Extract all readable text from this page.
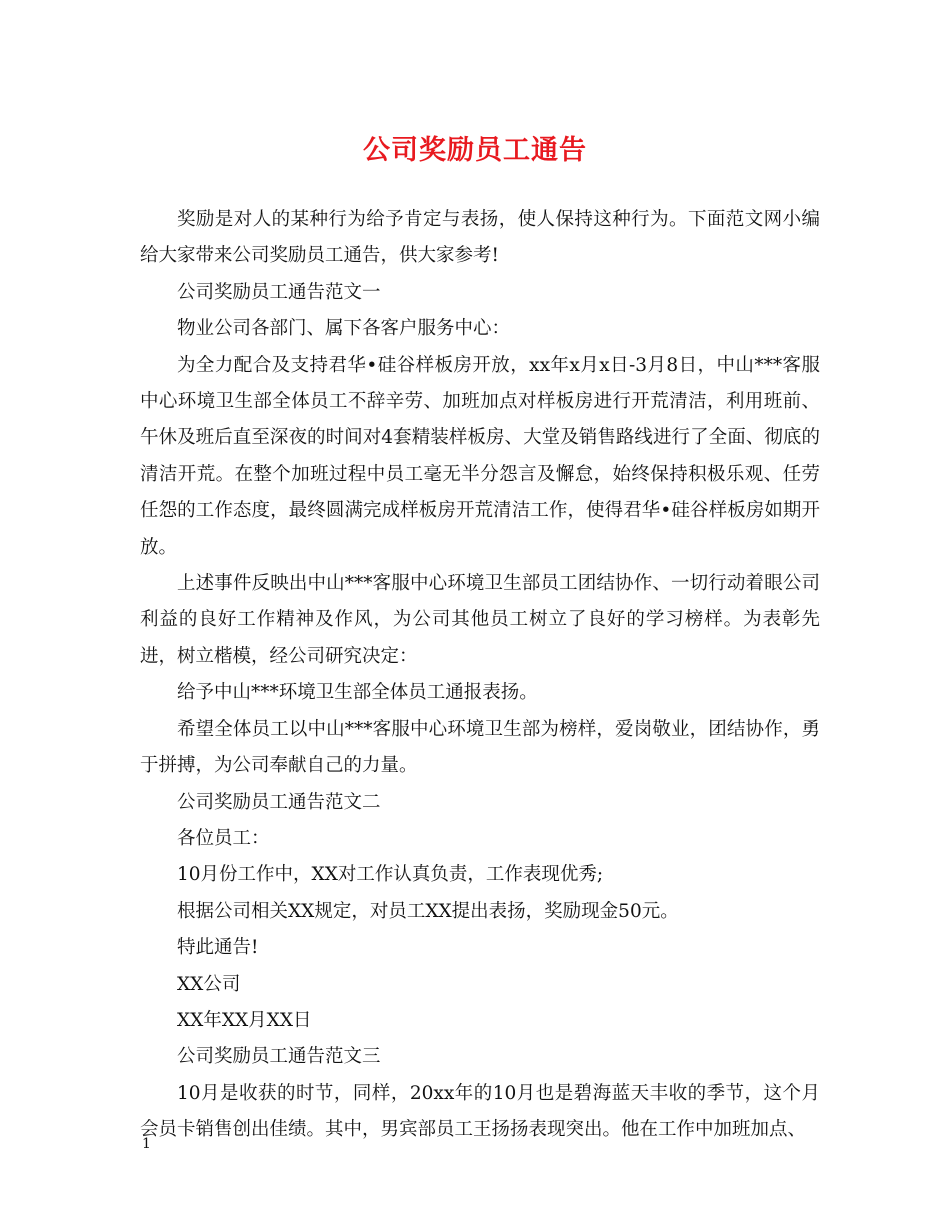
公司奖励员工通告

奖励是对人的某种行为给予肯定与表扬，使人保持这种行为。下面范文网小编给大家带来公司奖励员工通告，供大家参考!

公司奖励员工通告范文一

物业公司各部门、属下各客户服务中心：

为全力配合及支持君华•硅谷样板房开放，xx年x月x日-3月8日，中山***客服中心环境卫生部全体员工不辞辛劳、加班加点对样板房进行开荒清洁，利用班前、午休及班后直至深夜的时间对4套精装样板房、大堂及销售路线进行了全面、彻底的清洁开荒。在整个加班过程中员工毫无半分怨言及懈怠，始终保持积极乐观、任劳任怨的工作态度，最终圆满完成样板房开荒清洁工作，使得君华•硅谷样板房如期开放。

上述事件反映出中山***客服中心环境卫生部员工团结协作、一切行动着眼公司利益的良好工作精神及作风，为公司其他员工树立了良好的学习榜样。为表彰先进，树立楷模，经公司研究决定：

给予中山***环境卫生部全体员工通报表扬。

希望全体员工以中山***客服中心环境卫生部为榜样，爱岗敬业，团结协作，勇于拼搏，为公司奉献自己的力量。

公司奖励员工通告范文二

各位员工：

10月份工作中，XX对工作认真负责，工作表现优秀;

根据公司相关XX规定，对员工XX提出表扬，奖励现金50元。

特此通告!

XX公司

XX年XX月XX日

公司奖励员工通告范文三

10月是收获的时节，同样，20xx年的10月也是碧海蓝天丰收的季节，这个月会员卡销售创出佳绩。其中，男宾部员工王扬扬表现突出。他在工作中加班加点、

1
